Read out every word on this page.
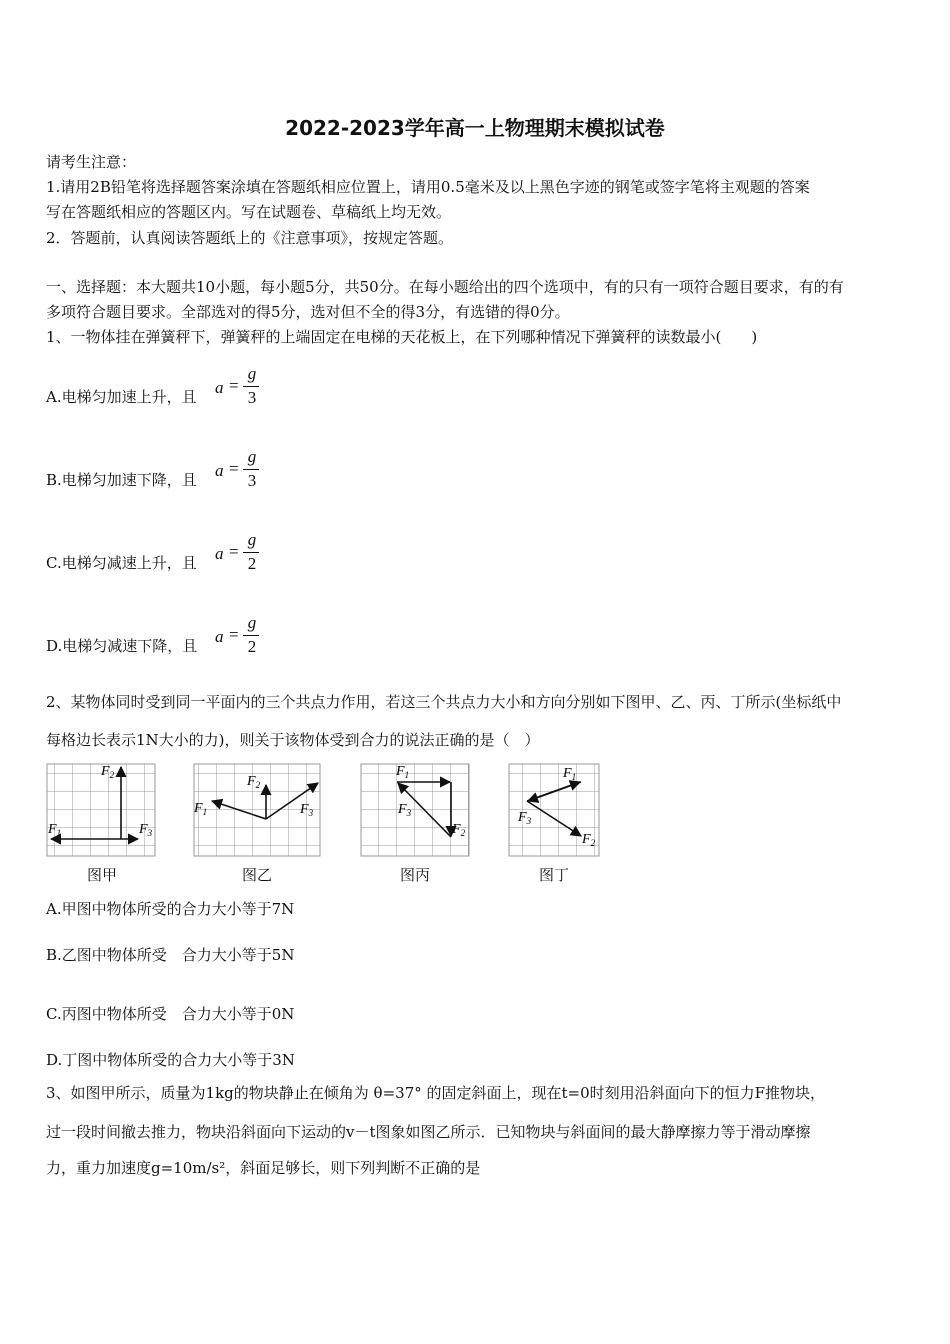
2022-2023学年高一上物理期末模拟试卷
请考生注意：
1.请用2B铅笔将选择题答案涂填在答题纸相应位置上，请用0.5毫米及以上黑色字迹的钢笔或签字笔将主观题的答案
写在答题纸相应的答题区内。写在试题卷、草稿纸上均无效。
2．答题前，认真阅读答题纸上的《注意事项》，按规定答题。
一、选择题：本大题共10小题，每小题5分，共50分。在每小题给出的四个选项中，有的只有一项符合题目要求，有的有
多项符合题目要求。全部选对的得5分，选对但不全的得3分，有选错的得0分。
1、一物体挂在弹簧秤下，弹簧秤的上端固定在电梯的天花板上，在下列哪种情况下弹簧秤的读数最小(　　)
A.电梯匀加速上升，且 a =
g
3
B.电梯匀加速下降，且 a =
g
3
C.电梯匀减速上升，且 a =
g
2
D.电梯匀减速下降，且 a =
g
2
2、某物体同时受到同一平面内的三个共点力作用，若这三个共点力大小和方向分别如下图甲、乙、丙、丁所示(坐标纸中
每格边长表示1N大小的力)，则关于该物体受到合力的说法正确的是（　）
$F_1$
$F_2$
$F_3$
$F_1$
$F_2$
$F_3$
$F_1$
$F_2$
$F_3$
$F_1$
$F_2$
$F_3$
图甲	图乙	图丙	图丁
A.甲图中物体所受的合力大小等于7N
B.乙图中物体所受　合力大小等于5N
C.丙图中物体所受　合力大小等于0N
D.丁图中物体所受的合力大小等于3N
3、如图甲所示，质量为1kg的物块静止在倾角为 θ=37° 的固定斜面上，现在t=0时刻用沿斜面向下的恒力F推物块，
过一段时间撤去推力，物块沿斜面向下运动的v－t图象如图乙所示．已知物块与斜面间的最大静摩擦力等于滑动摩擦
力，重力加速度g=10m/s²，斜面足够长，则下列判断不正确的是
